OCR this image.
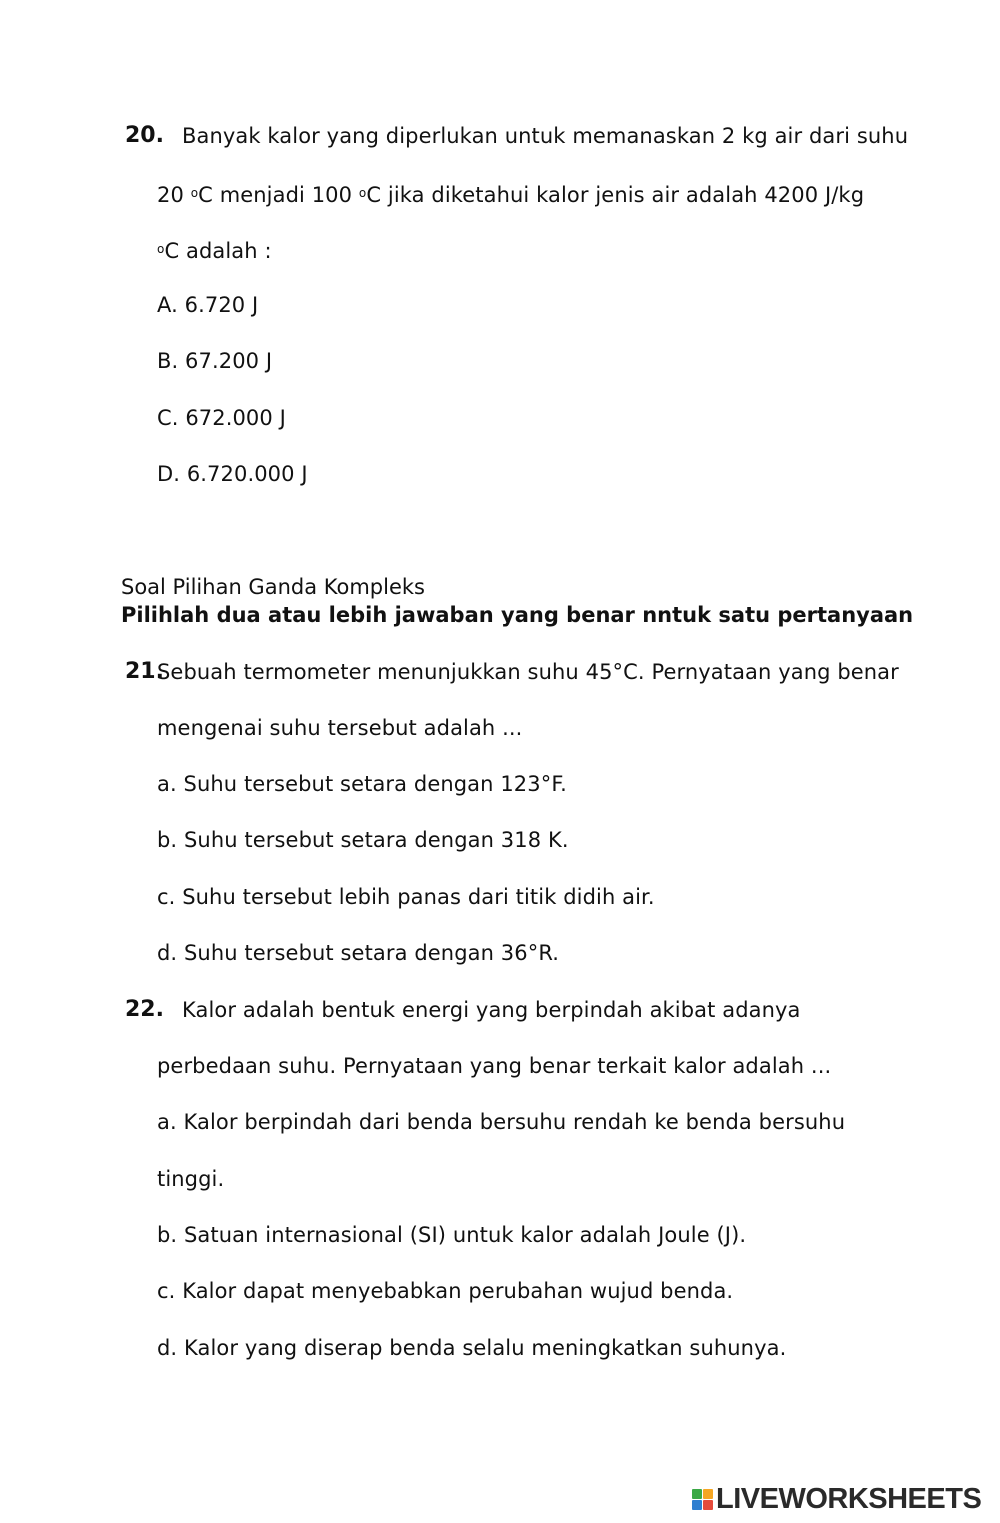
20. Banyak kalor yang diperlukan untuk memanaskan 2 kg air dari suhu
20 $^o$C menjadi 100 $^o$C jika diketahui kalor jenis air adalah 4200 J/kg
$^o$C adalah :
A. 6.720 J
B. 67.200 J
C. 672.000 J
D. 6.720.000 J
Soal Pilihan Ganda Kompleks
Pilihlah dua atau lebih jawaban yang benar nntuk satu pertanyaan
21.
Sebuah termometer menunjukkan suhu 45°C. Pernyataan yang benar
mengenai suhu tersebut adalah ...
a. Suhu tersebut setara dengan 123°F.
b. Suhu tersebut setara dengan 318 K.
c. Suhu tersebut lebih panas dari titik didih air.
d. Suhu tersebut setara dengan 36°R.
22. Kalor adalah bentuk energi yang berpindah akibat adanya
perbedaan suhu. Pernyataan yang benar terkait kalor adalah ...
a. Kalor berpindah dari benda bersuhu rendah ke benda bersuhu
tinggi.
b. Satuan internasional (SI) untuk kalor adalah Joule (J).
c. Kalor dapat menyebabkan perubahan wujud benda.
d. Kalor yang diserap benda selalu meningkatkan suhunya.
LIVEWORKSHEETS
